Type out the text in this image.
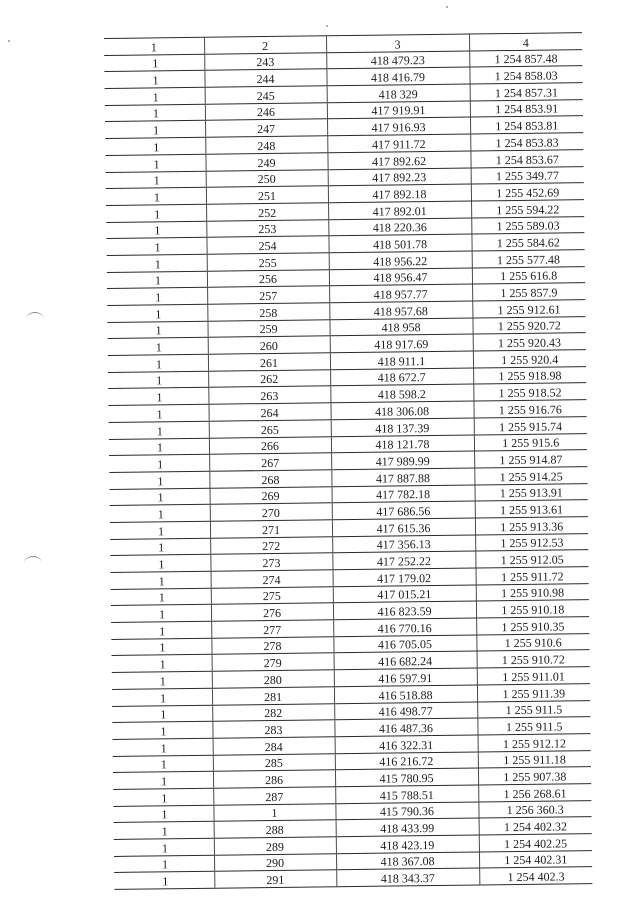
1	2	3	4
1	243	418 479.23	1 254 857.48
1	244	418 416.79	1 254 858.03
1	245	418 329	1 254 857.31
1	246	417 919.91	1 254 853.91
1	247	417 916.93	1 254 853.81
1	248	417 911.72	1 254 853.83
1	249	417 892.62	1 254 853.67
1	250	417 892.23	1 255 349.77
1	251	417 892.18	1 255 452.69
1	252	417 892.01	1 255 594.22
1	253	418 220.36	1 255 589.03
1	254	418 501.78	1 255 584.62
1	255	418 956.22	1 255 577.48
1	256	418 956.47	1 255 616.8
1	257	418 957.77	1 255 857.9
1	258	418 957.68	1 255 912.61
1	259	418 958	1 255 920.72
1	260	418 917.69	1 255 920.43
1	261	418 911.1	1 255 920.4
1	262	418 672.7	1 255 918.98
1	263	418 598.2	1 255 918.52
1	264	418 306.08	1 255 916.76
1	265	418 137.39	1 255 915.74
1	266	418 121.78	1 255 915.6
1	267	417 989.99	1 255 914.87
1	268	417 887.88	1 255 914.25
1	269	417 782.18	1 255 913.91
1	270	417 686.56	1 255 913.61
1	271	417 615.36	1 255 913.36
1	272	417 356.13	1 255 912.53
1	273	417 252.22	1 255 912.05
1	274	417 179.02	1 255 911.72
1	275	417 015.21	1 255 910.98
1	276	416 823.59	1 255 910.18
1	277	416 770.16	1 255 910.35
1	278	416 705.05	1 255 910.6
1	279	416 682.24	1 255 910.72
1	280	416 597.91	1 255 911.01
1	281	416 518.88	1 255 911.39
1	282	416 498.77	1 255 911.5
1	283	416 487.36	1 255 911.5
1	284	416 322.31	1 255 912.12
1	285	416 216.72	1 255 911.18
1	286	415 780.95	1 255 907.38
1	287	415 788.51	1 256 268.61
1	1	415 790.36	1 256 360.3
1	288	418 433.99	1 254 402.32
1	289	418 423.19	1 254 402.25
1	290	418 367.08	1 254 402.31
1	291	418 343.37	1 254 402.3
